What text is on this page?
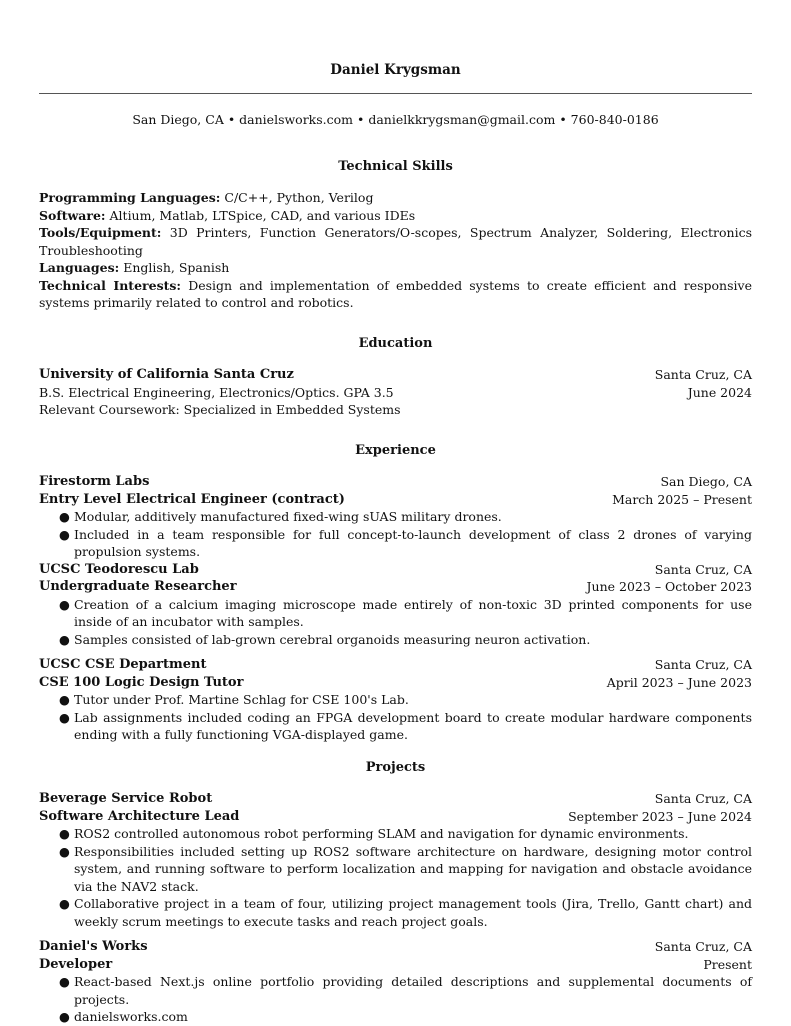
Daniel Krygsman
San Diego, CA • danielsworks.com • danielkkrygsman@gmail.com • 760-840-0186
Technical Skills

Programming Languages: C/C++, Python, Verilog

Software: Altium, Matlab, LTSpice, CAD, and various IDEs

Tools/Equipment: 3D Printers, Function Generators/O-scopes, Spectrum Analyzer, Soldering, Electronics Troubleshooting

Languages: English, Spanish

Technical Interests: Design and implementation of embedded systems to create efficient and responsive systems primarily related to control and robotics.

Education
University of California Santa Cruz	Santa Cruz, CA
B.S. Electrical Engineering, Electronics/Optics. GPA 3.5	June 2024
Relevant Coursework: Specialized in Embedded Systems
Experience
Firestorm Labs	San Diego, CA
Entry Level Electrical Engineer (contract)	March 2025 – Present
● Modular, additively manufactured fixed-wing sUAS military drones.
● Included in a team responsible for full concept-to-launch development of class 2 drones of varying propulsion systems.
UCSC Teodorescu Lab	Santa Cruz, CA
Undergraduate Researcher	June 2023 – October 2023
● Creation of a calcium imaging microscope made entirely of non-toxic 3D printed components for use inside of an incubator with samples.
● Samples consisted of lab-grown cerebral organoids measuring neuron activation.
UCSC CSE Department	Santa Cruz, CA
CSE 100 Logic Design Tutor	April 2023 – June 2023
● Tutor under Prof. Martine Schlag for CSE 100's Lab.
● Lab assignments included coding an FPGA development board to create modular hardware components ending with a fully functioning VGA-displayed game.
Projects
Beverage Service Robot	Santa Cruz, CA
Software Architecture Lead	September 2023 – June 2024
● ROS2 controlled autonomous robot performing SLAM and navigation for dynamic environments.
● Responsibilities included setting up ROS2 software architecture on hardware, designing motor control system, and running software to perform localization and mapping for navigation and obstacle avoidance via the NAV2 stack.
● Collaborative project in a team of four, utilizing project management tools (Jira, Trello, Gantt chart) and weekly scrum meetings to execute tasks and reach project goals.
Daniel's Works	Santa Cruz, CA
Developer	Present
● React-based Next.js online portfolio providing detailed descriptions and supplemental documents of projects.
● danielsworks.com
